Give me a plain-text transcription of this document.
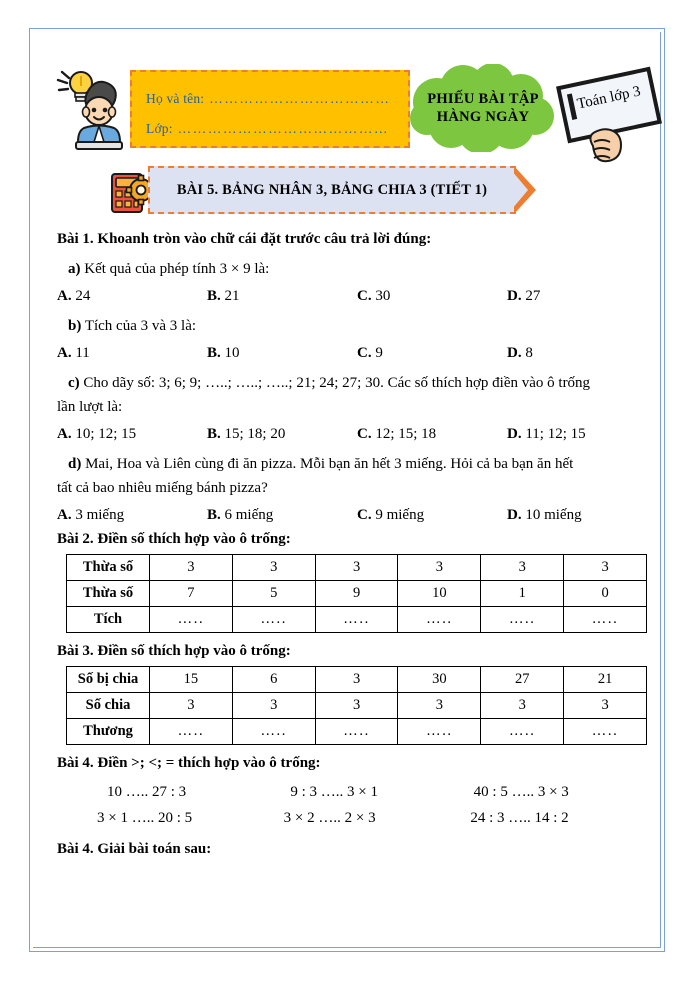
Họ và tên: ………………………………
Lớp: ……………………………………
PHIẾU BÀI TẬP
HÀNG NGÀY
Toán lớp 3
BÀI 5. BẢNG NHÂN 3, BẢNG CHIA 3 (TIẾT 1)
Bài 1. Khoanh tròn vào chữ cái đặt trước câu trả lời đúng:
a) Kết quả của phép tính 3 × 9 là:
A. 24	B. 21	C. 30	D. 27
b) Tích của 3 và 3 là:
A. 11	B. 10	C. 9	D. 8
c) Cho dãy số: 3; 6; 9; …..; …..; …..; 21; 24; 27; 30. Các số thích hợp điền vào ô trống
lần lượt là:
A. 10; 12; 15	B. 15; 18; 20	C. 12; 15; 18	D. 11; 12; 15
d) Mai, Hoa và Liên cùng đi ăn pizza. Mỗi bạn ăn hết 3 miếng. Hỏi cả ba bạn ăn hết
tất cả bao nhiêu miếng bánh pizza?
A. 3 miếng	B. 6 miếng	C. 9 miếng	D. 10 miếng
Bài 2. Điền số thích hợp vào ô trống:
Thừa số	3	3	3	3	3	3
Thừa số	7	5	9	10	1	0
Tích	…..	…..	…..	…..	…..	…..
Bài 3. Điền số thích hợp vào ô trống:
Số bị chia	15	6	3	30	27	21
Số chia	3	3	3	3	3	3
Thương	…..	…..	…..	…..	…..	…..
Bài 4. Điền >; <; = thích hợp vào ô trống:
10 ….. 27 : 3	9 : 3 ….. 3 × 1	40 : 5 ….. 3 × 3
3 × 1 ….. 20 : 5	3 × 2 ….. 2 × 3	24 : 3 ….. 14 : 2
Bài 4. Giải bài toán sau:
